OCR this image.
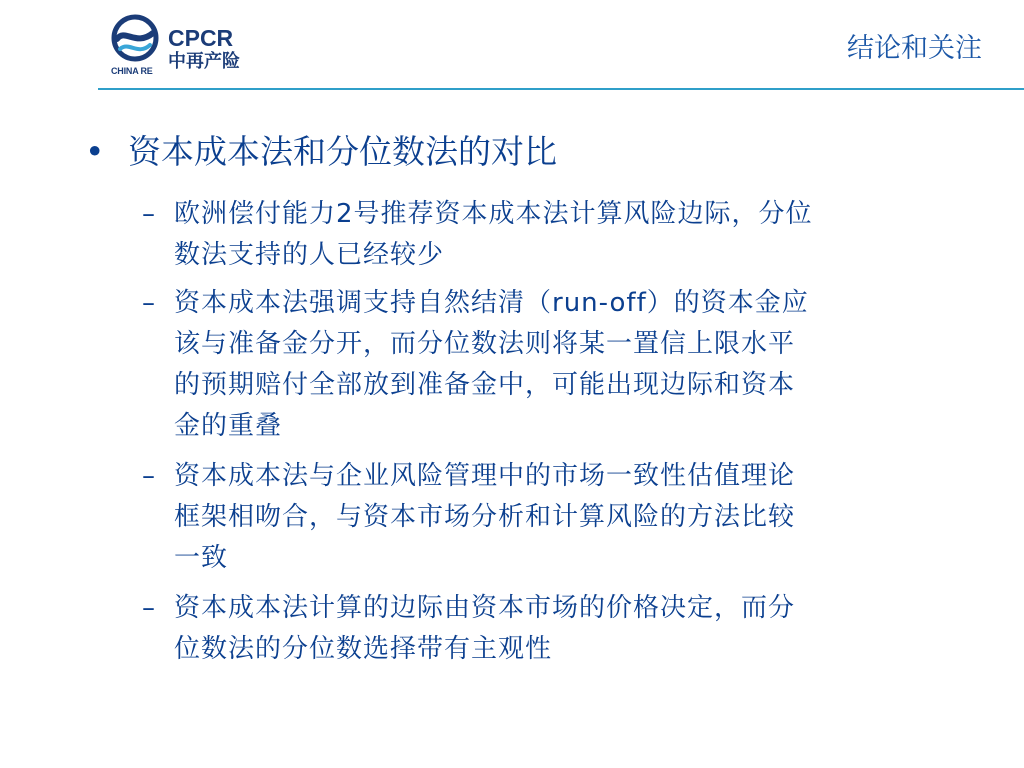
CPCR
中再产险
CHINA RE
结论和关注
• 资本成本法和分位数法的对比
– 欧洲偿付能力2号推荐资本成本法计算风险边际，分位
数法支持的人已经较少
– 资本成本法强调支持自然结清（run-off）的资本金应
该与准备金分开，而分位数法则将某一置信上限水平
的预期赔付全部放到准备金中，可能出现边际和资本
金的重叠
– 资本成本法与企业风险管理中的市场一致性估值理论
框架相吻合，与资本市场分析和计算风险的方法比较
一致
– 资本成本法计算的边际由资本市场的价格决定，而分
位数法的分位数选择带有主观性
